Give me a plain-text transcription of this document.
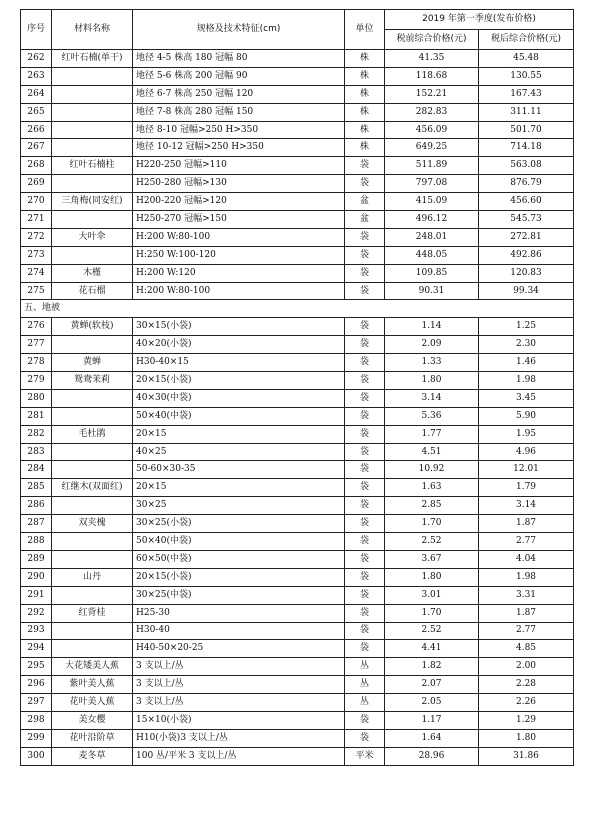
序号	材料名称	规格及技术特征(cm)	单位	2019 年第一季度(发布价格)	
				税前综合价格(元)	税后综合价格(元)
262	红叶石楠(单干)	地径 4-5 株高 180 冠幅 80	株	41.35	45.48
263		地径 5-6 株高 200 冠幅 90	株	118.68	130.55
264		地径 6-7 株高 250 冠幅 120	株	152.21	167.43
265		地径 7-8 株高 280 冠幅 150	株	282.83	311.11
266		地径 8-10 冠幅>250 H>350	株	456.09	501.70
267		地径 10-12 冠幅>250 H>350	株	649.25	714.18
268	红叶石楠柱	H220-250 冠幅>110	袋	511.89	563.08
269		H250-280 冠幅>130	袋	797.08	876.79
270	三角梅(同安红)	H200-220 冠幅>120	盆	415.09	456.60
271		H250-270 冠幅>150	盆	496.12	545.73
272	大叶伞	H:200 W:80-100	袋	248.01	272.81
273		H:250 W:100-120	袋	448.05	492.86
274	木槿	H:200 W:120	袋	109.85	120.83
275	花石榴	H:200 W:80-100	袋	90.31	99.34
五、地被					
276	黄蝉(软枝)	30×15(小袋)	袋	1.14	1.25
277		40×20(小袋)	袋	2.09	2.30
278	黄蝉	H30-40×15	袋	1.33	1.46
279	鸳鸯茉莉	20×15(小袋)	袋	1.80	1.98
280		40×30(中袋)	袋	3.14	3.45
281		50×40(中袋)	袋	5.36	5.90
282	毛杜鹃	20×15	袋	1.77	1.95
283		40×25	袋	4.51	4.96
284		50-60×30-35	袋	10.92	12.01
285	红继木(双面红)	20×15	袋	1.63	1.79
286		30×25	袋	2.85	3.14
287	双夹槐	30×25(小袋)	袋	1.70	1.87
288		50×40(中袋)	袋	2.52	2.77
289		60×50(中袋)	袋	3.67	4.04
290	山丹	20×15(小袋)	袋	1.80	1.98
291		30×25(中袋)	袋	3.01	3.31
292	红背桂	H25-30	袋	1.70	1.87
293		H30-40	袋	2.52	2.77
294		H40-50×20-25	袋	4.41	4.85
295	大花矮美人蕉	3 支以上/丛	丛	1.82	2.00
296	紫叶美人蕉	3 支以上/丛	丛	2.07	2.28
297	花叶美人蕉	3 支以上/丛	丛	2.05	2.26
298	美女樱	15×10(小袋)	袋	1.17	1.29
299	花叶沿阶草	H10(小袋)3 支以上/丛	袋	1.64	1.80
300	麦冬草	100 丛/平米 3 支以上/丛	平米	28.96	31.86
